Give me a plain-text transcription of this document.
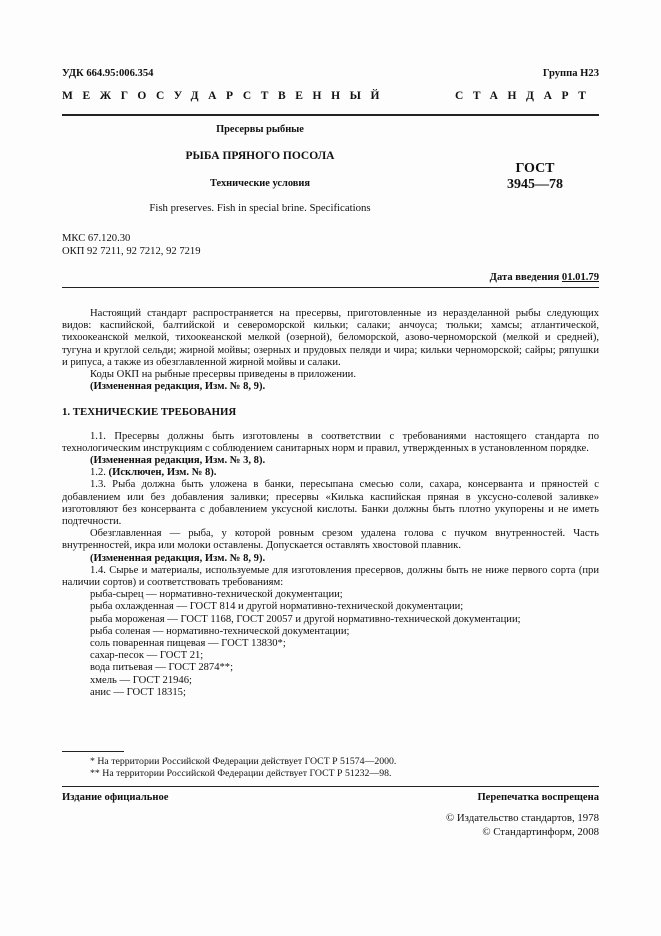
УДК 664.95:006.354	Группа Н23
МЕЖГОСУДАРСТВЕННЫЙ	СТАНДАРТ
Пресервы рыбные
РЫБА ПРЯНОГО ПОСОЛА
Технические условия
Fish preserves. Fish in special brine. Specifications
ГОСТ
3945—78
МКС 67.120.30
ОКП 92 7211, 92 7212, 92 7219
Дата введения 01.01.79

Настоящий стандарт распространяется на пресервы, приготовленные из неразделанной рыбы следующих видов: каспийской, балтийской и североморской кильки; салаки; анчоуса; тюльки; хамсы; атлантической, тихоокеанской мелкой, тихоокеанской мелкой (озерной), беломорской, азово-черноморской (мелкой и средней), тугуна и круглой сельди; жирной мойвы; озерных и прудовых пеляди и чира; кильки черноморской; сайры; ряпушки и рипуса, а также из обезглавленной жирной мойвы и салаки.

Коды ОКП на рыбные пресервы приведены в приложении.

(Измененная редакция, Изм. № 8, 9).

1. ТЕХНИЧЕСКИЕ ТРЕБОВАНИЯ

1.1. Пресервы должны быть изготовлены в соответствии с требованиями настоящего стандарта по технологическим инструкциям с соблюдением санитарных норм и правил, утвержденных в установленном порядке.

(Измененная редакция, Изм. № 3, 8).

1.2. (Исключен, Изм. № 8).

1.3. Рыба должна быть уложена в банки, пересыпана смесью соли, сахара, консерванта и пряностей с добавлением или без добавления заливки; пресервы «Килька каспийская пряная в уксусно-солевой заливке» изготовляют без консерванта с добавлением уксусной кислоты. Банки должны быть плотно укупорены и не иметь подтечности.

Обезглавленная — рыба, у которой ровным срезом удалена голова с пучком внутренностей. Часть внутренностей, икра или молоки оставлены. Допускается оставлять хвостовой плавник.

(Измененная редакция, Изм. № 8, 9).

1.4. Сырье и материалы, используемые для изготовления пресервов, должны быть не ниже первого сорта (при наличии сортов) и соответствовать требованиям:

рыба-сырец — нормативно-технической документации;

рыба охлажденная — ГОСТ 814 и другой нормативно-технической документации;

рыба мороженая — ГОСТ 1168, ГОСТ 20057 и другой нормативно-технической документации;

рыба соленая — нормативно-технической документации;

соль поваренная пищевая — ГОСТ 13830*;

сахар-песок — ГОСТ 21;

вода питьевая — ГОСТ 2874**;

хмель — ГОСТ 21946;

анис — ГОСТ 18315;

* На территории Российской Федерации действует ГОСТ Р 51574—2000.
** На территории Российской Федерации действует ГОСТ Р 51232—98.
Издание официальное	Перепечатка воспрещена
© Издательство стандартов, 1978
© Стандартинформ, 2008
